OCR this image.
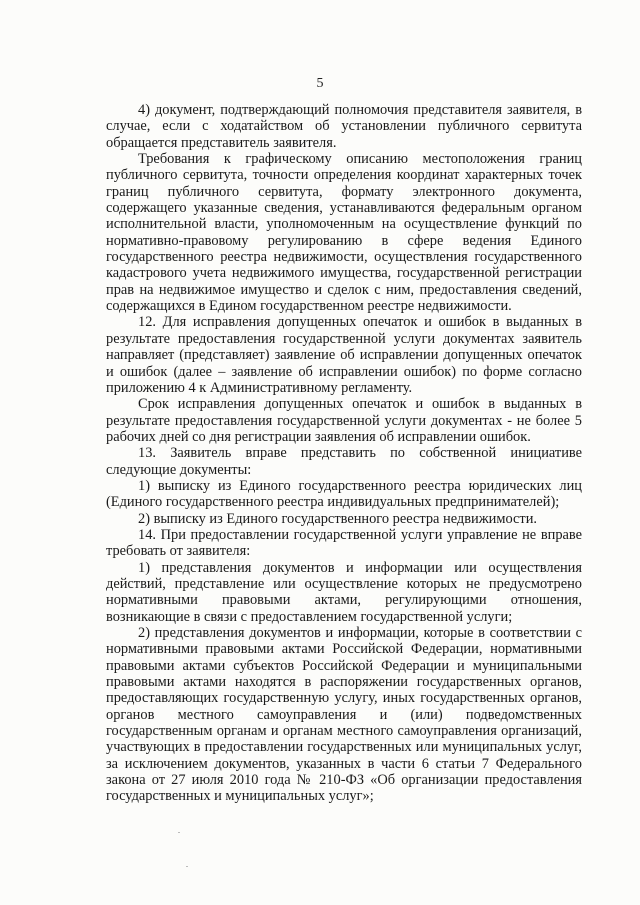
5

4) документ, подтверждающий полномочия представителя заявителя, в случае, если с ходатайством об установлении публичного сервитута обращается представитель заявителя.

Требования к графическому описанию местоположения границ публичного сервитута, точности определения координат характерных точек границ публичного сервитута, формату электронного документа, содержащего указанные сведения, устанавливаются федеральным органом исполнительной власти, уполномоченным на осуществление функций по нормативно-правовому регулированию в сфере ведения Единого государственного реестра недвижимости, осуществления государственного кадастрового учета недвижимого имущества, государственной регистрации прав на недвижимое имущество и сделок с ним, предоставления сведений, содержащихся в Едином государственном реестре недвижимости.

12. Для исправления допущенных опечаток и ошибок в выданных в результате предоставления государственной услуги документах заявитель направляет (представляет) заявление об исправлении допущенных опечаток и ошибок (далее – заявление об исправлении ошибок) по форме согласно приложению 4 к Административному регламенту.

Срок исправления допущенных опечаток и ошибок в выданных в результате предоставления государственной услуги документах - не более 5 рабочих дней со дня регистрации заявления об исправлении ошибок.

13. Заявитель вправе представить по собственной инициативе следующие документы:

1) выписку из Единого государственного реестра юридических лиц (Единого государственного реестра индивидуальных предпринимателей);

2) выписку из Единого государственного реестра недвижимости.

14. При предоставлении государственной услуги управление не вправе требовать от заявителя:

1) представления документов и информации или осуществления действий, представление или осуществление которых не предусмотрено нормативными правовыми актами, регулирующими отношения, возникающие в связи с предоставлением государственной услуги;

2) представления документов и информации, которые в соответствии с нормативными правовыми актами Российской Федерации, нормативными правовыми актами субъектов Российской Федерации и муниципальными правовыми актами находятся в распоряжении государственных органов, предоставляющих государственную услугу, иных государственных органов, органов местного самоуправления и (или) подведомственных государственным органам и органам местного самоуправления организаций, участвующих в предоставлении государственных или муниципальных услуг, за исключением документов, указанных в части 6 статьи 7 Федерального закона от 27 июля 2010 года № 210-ФЗ «Об организации предоставления государственных и муниципальных услуг»;
